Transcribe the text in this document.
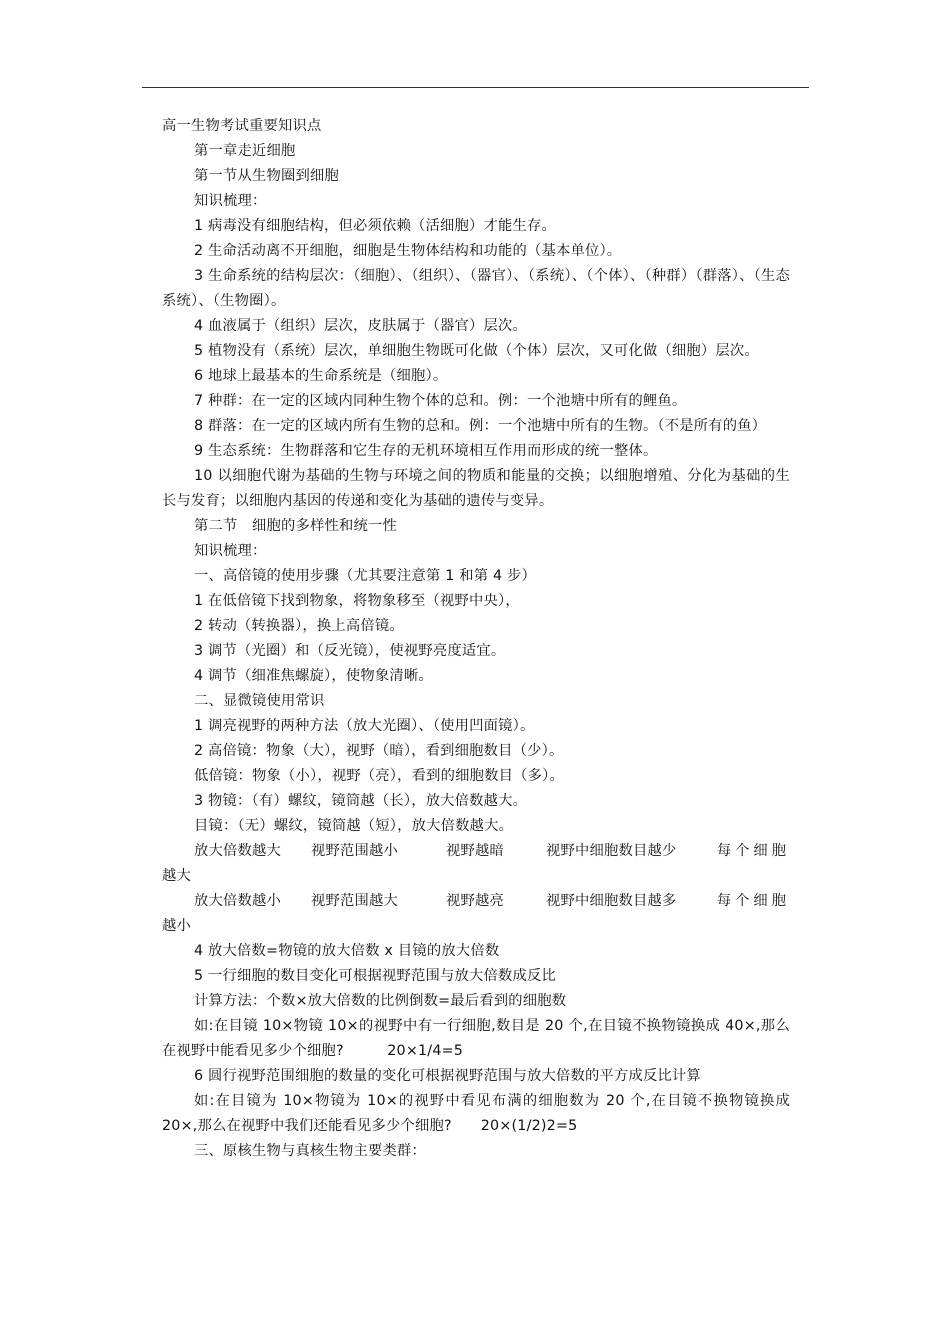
高一生物考试重要知识点

第一章走近细胞

第一节从生物圈到细胞

知识梳理：

1 病毒没有细胞结构，但必须依赖（活细胞）才能生存。

2 生命活动离不开细胞，细胞是生物体结构和功能的（基本单位）。

3 生命系统的结构层次：（细胞）、（组织）、（器官）、（系统）、（个体）、（种群）（群落）、（生态系统）、（生物圈）。

4 血液属于（组织）层次，皮肤属于（器官）层次。

5 植物没有（系统）层次，单细胞生物既可化做（个体）层次，又可化做（细胞）层次。

6 地球上最基本的生命系统是（细胞）。

7 种群：在一定的区域内同种生物个体的总和。例：一个池塘中所有的鲤鱼。

8 群落：在一定的区域内所有生物的总和。例：一个池塘中所有的生物。（不是所有的鱼）

9 生态系统：生物群落和它生存的无机环境相互作用而形成的统一整体。

10 以细胞代谢为基础的生物与环境之间的物质和能量的交换；以细胞增殖、分化为基础的生长与发育；以细胞内基因的传递和变化为基础的遗传与变异。

第二节　细胞的多样性和统一性

知识梳理：

一、高倍镜的使用步骤（尤其要注意第 1 和第 4 步）

1 在低倍镜下找到物象，将物象移至（视野中央），

2 转动（转换器），换上高倍镜。

3 调节（光圈）和（反光镜），使视野亮度适宜。

4 调节（细准焦螺旋），使物象清晰。

二、显微镜使用常识

1 调亮视野的两种方法（放大光圈）、（使用凹面镜）。

2 高倍镜：物象（大），视野（暗），看到细胞数目（少）。

低倍镜：物象（小），视野（亮），看到的细胞数目（多）。

3 物镜：（有）螺纹，镜筒越（长），放大倍数越大。

目镜：（无）螺纹，镜筒越（短），放大倍数越大。

放大倍数越大	视野范围越小	视野越暗	视野中细胞数目越少	每个细胞

越大

放大倍数越小	视野范围越大	视野越亮	视野中细胞数目越多	每个细胞

越小

4 放大倍数=物镜的放大倍数 x 目镜的放大倍数

5 一行细胞的数目变化可根据视野范围与放大倍数成反比

计算方法：个数×放大倍数的比例倒数=最后看到的细胞数

如:在目镜 10×物镜 10×的视野中有一行细胞,数目是 20 个,在目镜不换物镜换成 40×,那么在视野中能看见多少个细胞?　　　20×1/4=5

6 圆行视野范围细胞的数量的变化可根据视野范围与放大倍数的平方成反比计算

如:在目镜为 10×物镜为 10×的视野中看见布满的细胞数为 20 个,在目镜不换物镜换成 20×,那么在视野中我们还能看见多少个细胞?　　20×(1/2)2=5

三、原核生物与真核生物主要类群：
